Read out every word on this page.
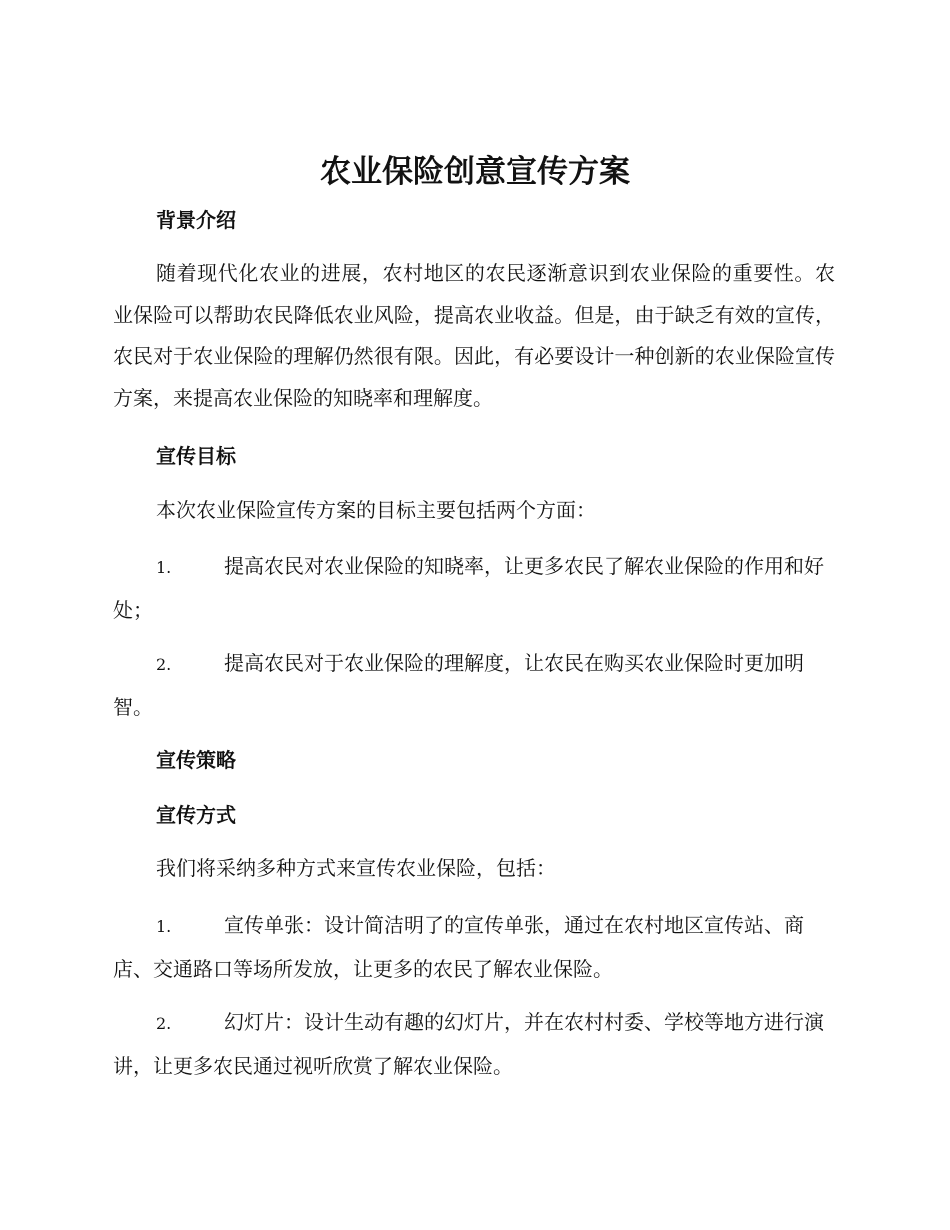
农业保险创意宣传方案
背景介绍

随着现代化农业的进展，农村地区的农民逐渐意识到农业保险的重要性。农业保险可以帮助农民降低农业风险，提高农业收益。但是，由于缺乏有效的宣传，农民对于农业保险的理解仍然很有限。因此，有必要设计一种创新的农业保险宣传方案，来提高农业保险的知晓率和理解度。

宣传目标

本次农业保险宣传方案的目标主要包括两个方面：

1.	提高农民对农业保险的知晓率，让更多农民了解农业保险的作用和好处；

2.	提高农民对于农业保险的理解度，让农民在购买农业保险时更加明智。

宣传策略
宣传方式

我们将采纳多种方式来宣传农业保险，包括：

1.	宣传单张：设计简洁明了的宣传单张，通过在农村地区宣传站、商店、交通路口等场所发放，让更多的农民了解农业保险。

2.	幻灯片：设计生动有趣的幻灯片，并在农村村委、学校等地方进行演讲，让更多农民通过视听欣赏了解农业保险。
